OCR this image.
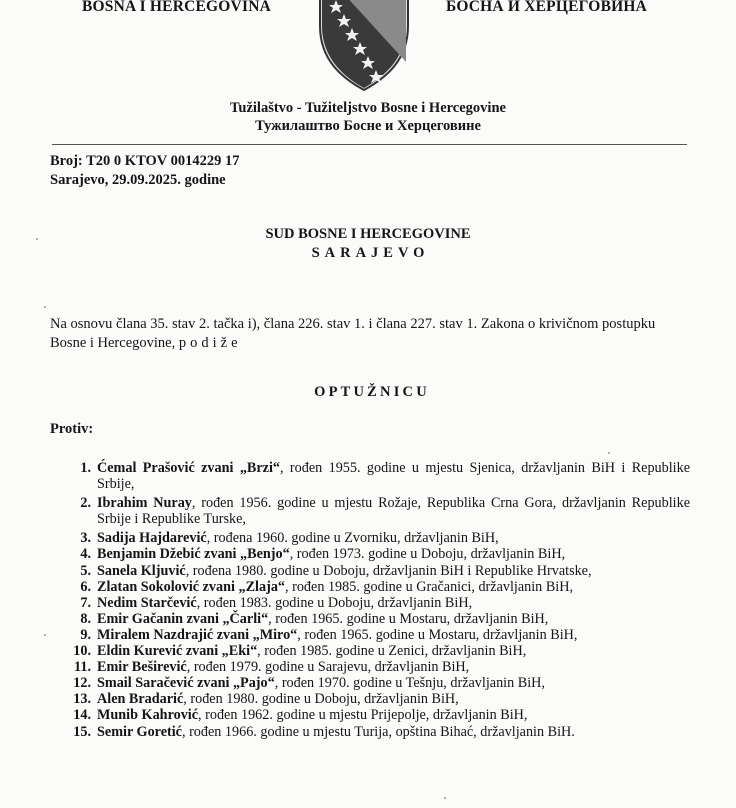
BOSNA I HERCEGOVINA	БОСНА И ХЕРЦЕГОВИНА
Tužilaštvo - Tužiteljstvo Bosne i Hercegovine
Тужилаштво Босне и Херцеговине
Broj: T20 0 KTOV 0014229 17
Sarajevo, 29.09.2025. godine
SUD BOSNE I HERCEGOVINE
SARAJEVO
Na osnovu člana 35. stav 2. tačka i), člana 226. stav 1. i člana 227. stav 1. Zakona o krivičnom postupku Bosne i Hercegovine, podiže
OPTUŽNICU
Protiv:
1. Ćemal Prašović zvani „Brzi“, rođen 1955. godine u mjestu Sjenica, državljanin BiH i Republike Srbije,
2. Ibrahim Nuray, rođen 1956. godine u mjestu Rožaje, Republika Crna Gora, državljanin Republike Srbije i Republike Turske,
3. Sadija Hajdarević, rođena 1960. godine u Zvorniku, državljanin BiH,
4. Benjamin Džebić zvani „Benjo“, rođen 1973. godine u Doboju, državljanin BiH,
5. Sanela Kljuvić, rođena 1980. godine u Doboju, državljanin BiH i Republike Hrvatske,
6. Zlatan Sokolović zvani „Zlaja“, rođen 1985. godine u Gračanici, državljanin BiH,
7. Nedim Starčević, rođen 1983. godine u Doboju, državljanin BiH,
8. Emir Gačanin zvani „Čarli“, rođen 1965. godine u Mostaru, državljanin BiH,
9. Miralem Nazdrajić zvani „Miro“, rođen 1965. godine u Mostaru, državljanin BiH,
10. Eldin Kurević zvani „Eki“, rođen 1985. godine u Zenici, državljanin BiH,
11. Emir Beširević, rođen 1979. godine u Sarajevu, državljanin BiH,
12. Smail Saračević zvani „Pajo“, rođen 1970. godine u Tešnju, državljanin BiH,
13. Alen Bradarić, rođen 1980. godine u Doboju, državljanin BiH,
14. Munib Kahrović, rođen 1962. godine u mjestu Prijepolje, državljanin BiH,
15. Semir Goretić, rođen 1966. godine u mjestu Turija, opština Bihać, državljanin BiH.
